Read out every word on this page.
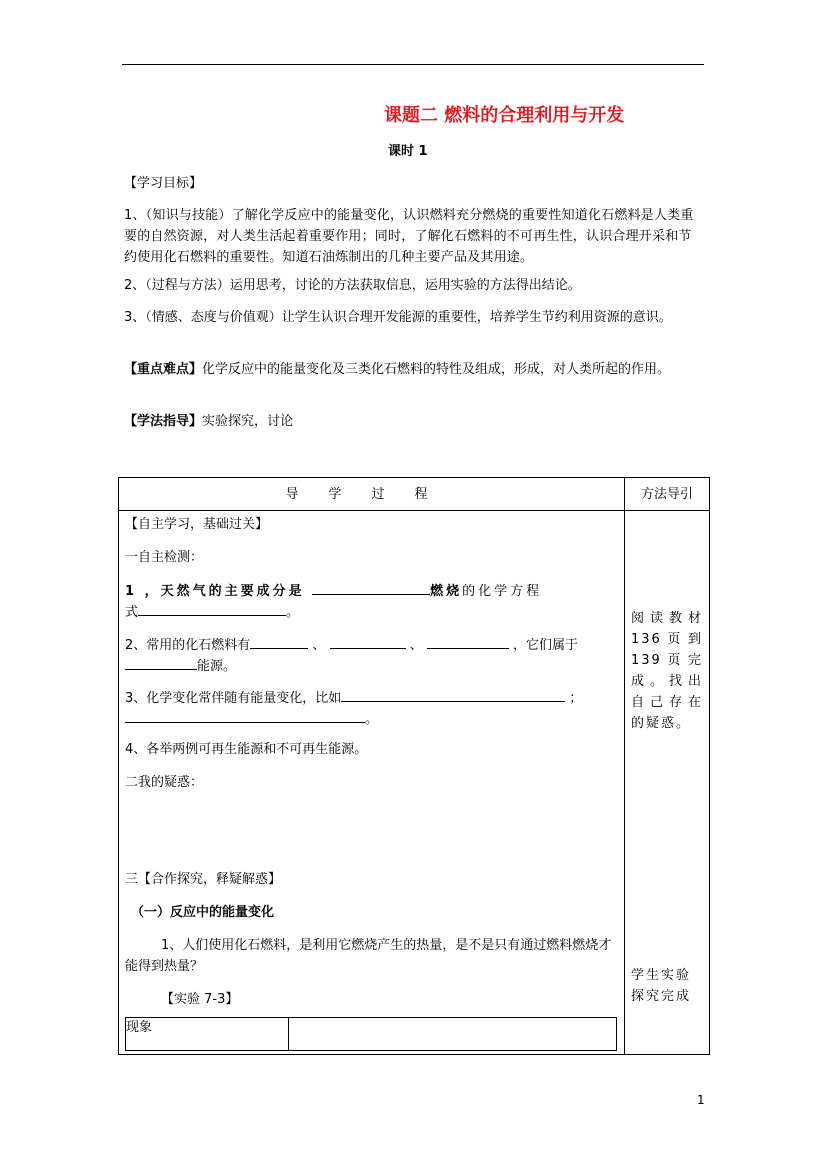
课题二 燃料的合理利用与开发
课时 1
【学习目标】
1、（知识与技能）了解化学反应中的能量变化，认识燃料充分燃烧的重要性知道化石燃料是人类重要的自然资源，对人类生活起着重要作用；同时，了解化石燃料的不可再生性，认识合理开采和节约使用化石燃料的重要性。知道石油炼制出的几种主要产品及其用途。
2、（过程与方法）运用思考，讨论的方法获取信息，运用实验的方法得出结论。
3、（情感、态度与价值观）让学生认识合理开发能源的重要性，培养学生节约利用资源的意识。
【重点难点】化学反应中的能量变化及三类化石燃料的特性及组成，形成，对人类所起的作用。
【学法指导】实验探究，讨论
导学过程	方法导引

【自主学习，基础过关】
一自主检测：
1 ，天然气的主要成分是	燃烧的化学方程
式	。
2、常用的化石燃料有	、	、	，它们属于
能源。
3、化学变化常伴随有能量变化，比如	；
。
4、各举两例可再生能源和不可再生能源。
二我的疑惑：
三【合作探究，释疑解惑】
（一）反应中的能量变化
1、人们使用化石燃料，是利用它燃烧产生的热量，是不是只有通过燃料燃烧才能得到热量？
【实验 7-3】
现象	

阅读教材136页到139页完成。找出自己存在的疑惑。
学生实验探究完成
1
